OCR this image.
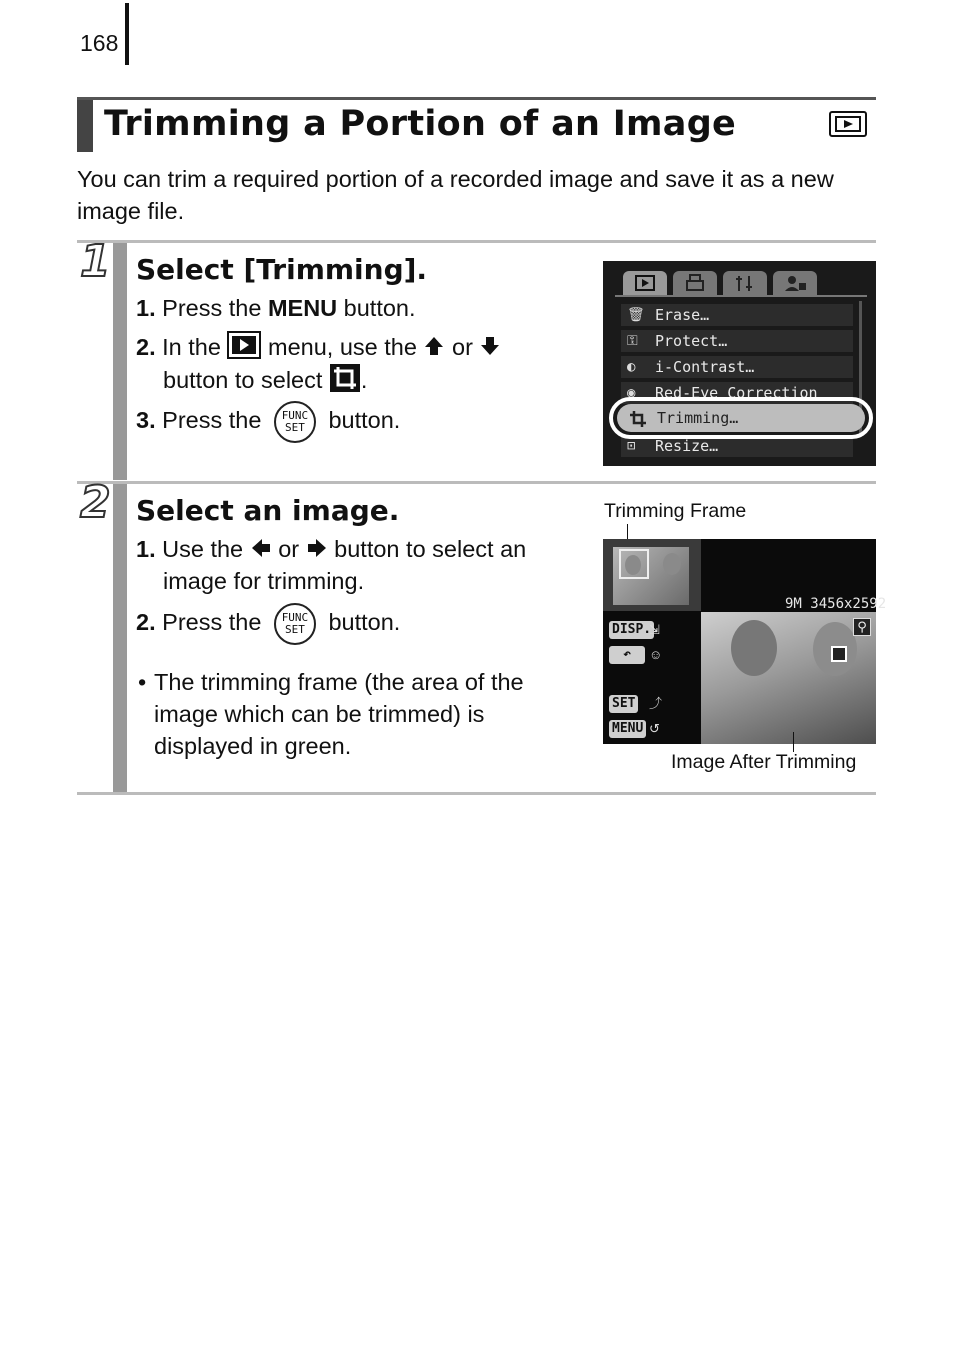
168
Trimming a Portion of an Image
You can trim a required portion of a recorded image and save it as a new image file.
1 Select [Trimming].
1. Press the MENU button.
2. In the  menu, use the  or
button to select .
3. Press the FUNC
SET button.
🗑 Erase…
⚿	Protect…
◐	i-Contrast…
◉	Red-Eye Correction
⊡	Resize…
Trimming…
2 Select an image.
1. Use the  or  button to select an
image for trimming.
2. Press the FUNC
SET button.
• The trimming frame (the area of the
image which can be trimmed) is
displayed in green.
Trimming Frame
9M 3456x2592
DISP.
⇲
↶	☺
SET ⤴
MENU ↺
⚲
Image After Trimming
